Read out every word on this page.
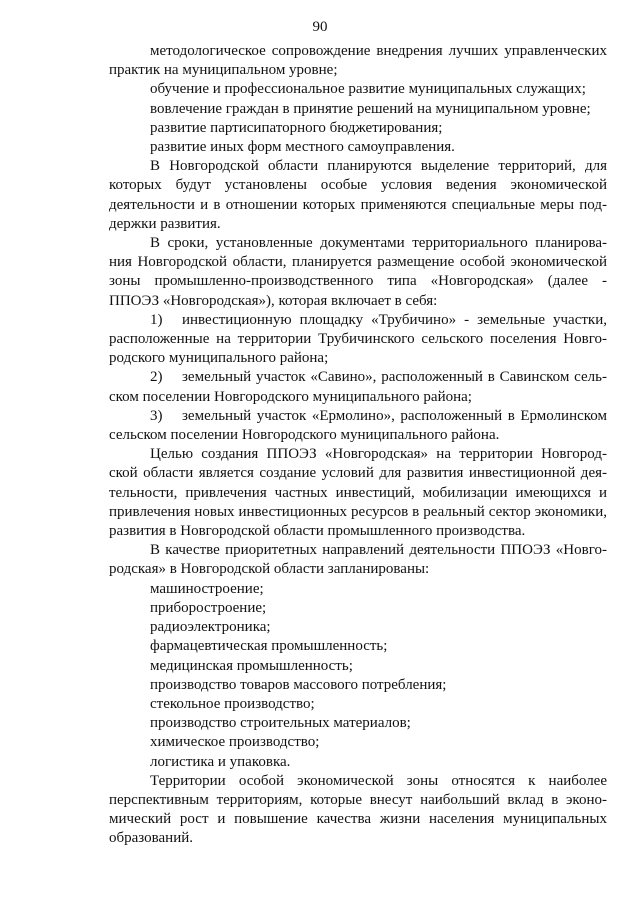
90

методологическое сопровождение внедрения лучших управленческих практик на муниципальном уровне;

обучение и профессиональное развитие муниципальных служащих;

вовлечение граждан в принятие решений на муниципальном уровне;

развитие партисипаторного бюджетирования;

развитие иных форм местного самоуправления.

В Новгородской области планируются выделение территорий, для которых будут установлены особые условия ведения экономической деятельности и в отношении которых применяются специальные меры под-держки развития.

В сроки, установленные документами территориального планирова-ния Новгородской области, планируется размещение особой экономической зоны промышленно-производственного типа «Новгородская» (далее - ППОЭЗ «Новгородская»), которая включает в себя:

1) инвестиционную площадку «Трубичино» - земельные участки, расположенные на территории Трубичинского сельского поселения Новго-родского муниципального района;

2) земельный участок «Савино», расположенный в Савинском сель-ском поселении Новгородского муниципального района;

3) земельный участок «Ермолино», расположенный в Ермолинском сельском поселении Новгородского муниципального района.

Целью создания ППОЭЗ «Новгородская» на территории Новгород-ской области является создание условий для развития инвестиционной дея-тельности, привлечения частных инвестиций, мобилизации имеющихся и привлечения новых инвестиционных ресурсов в реальный сектор экономики, развития в Новгородской области промышленного производства.

В качестве приоритетных направлений деятельности ППОЭЗ «Новго-родская» в Новгородской области запланированы:

машиностроение;

приборостроение;

радиоэлектроника;

фармацевтическая промышленность;

медицинская промышленность;

производство товаров массового потребления;

стекольное производство;

производство строительных материалов;

химическое производство;

логистика и упаковка.

Территории особой экономической зоны относятся к наиболее перспективным территориям, которые внесут наибольший вклад в эконо-мический рост и повышение качества жизни населения муниципальных образований.
